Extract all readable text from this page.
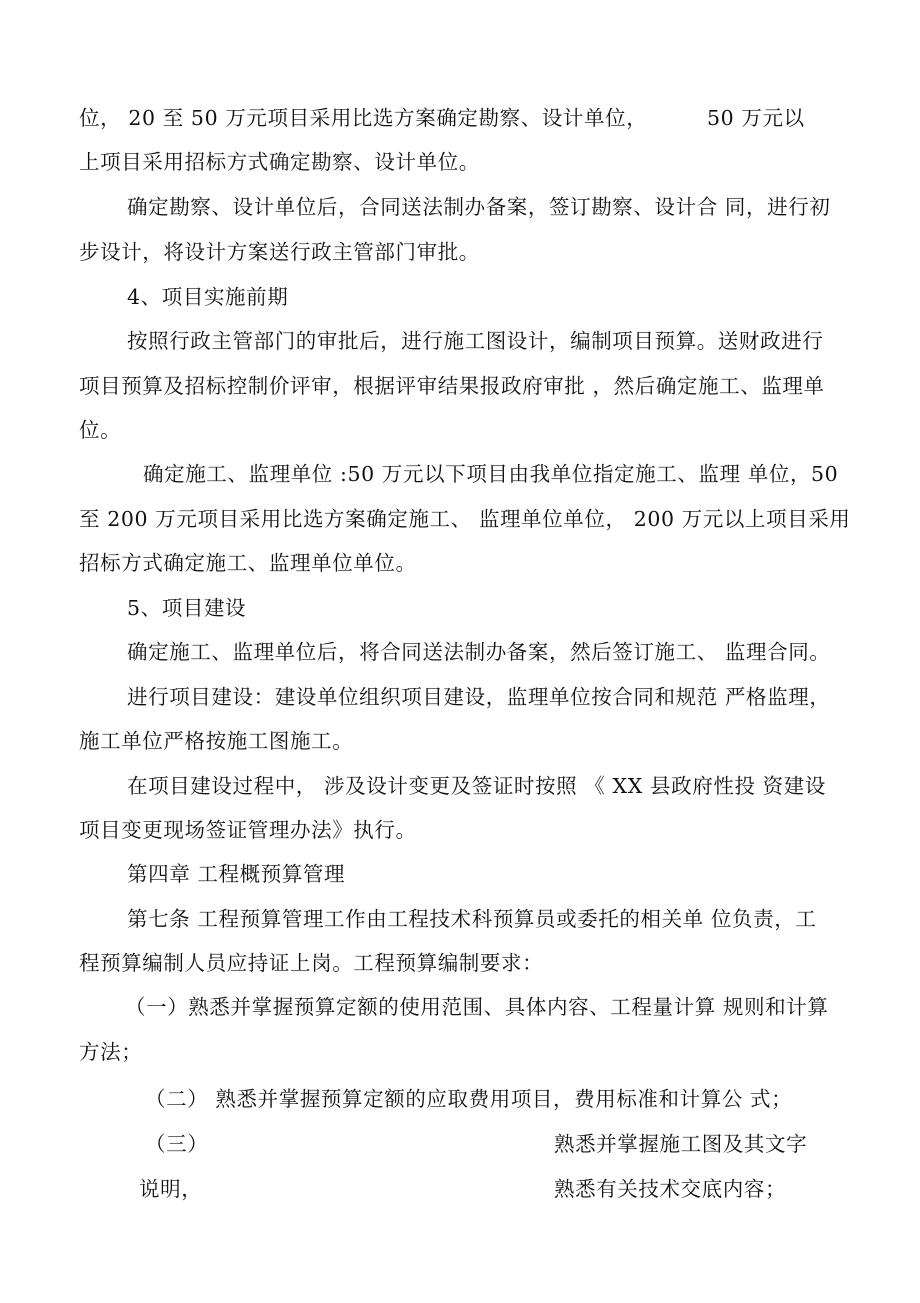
位， 20 至 50 万元项目采用比选方案确定勘察、设计单位，	50 万元以
上项目采用招标方式确定勘察、设计单位。
确定勘察、设计单位后，合同送法制办备案，签订勘察、设计合 同，进行初
步设计，将设计方案送行政主管部门审批。
4、项目实施前期
按照行政主管部门的审批后，进行施工图设计，编制项目预算。送财政进行
项目预算及招标控制价评审，根据评审结果报政府审批 ，然后确定施工、监理单
位。
确定施工、监理单位 :50 万元以下项目由我单位指定施工、监理 单位，50
至 200 万元项目采用比选方案确定施工、 监理单位单位， 200 万元以上项目采用
招标方式确定施工、监理单位单位。
5、项目建设
确定施工、监理单位后，将合同送法制办备案，然后签订施工、 监理合同。
进行项目建设：建设单位组织项目建设，监理单位按合同和规范 严格监理，
施工单位严格按施工图施工。
在项目建设过程中， 涉及设计变更及签证时按照 《 XX 县政府性投 资建设
项目变更现场签证管理办法》执行。
第四章 工程概预算管理
第七条 工程预算管理工作由工程技术科预算员或委托的相关单 位负责，工
程预算编制人员应持证上岗。工程预算编制要求：
（一）熟悉并掌握预算定额的使用范围、具体内容、工程量计算 规则和计算
方法；
（二） 熟悉并掌握预算定额的应取费用项目，费用标准和计算公 式；
（三）	熟悉并掌握施工图及其文字
说明，	熟悉有关技术交底内容；
